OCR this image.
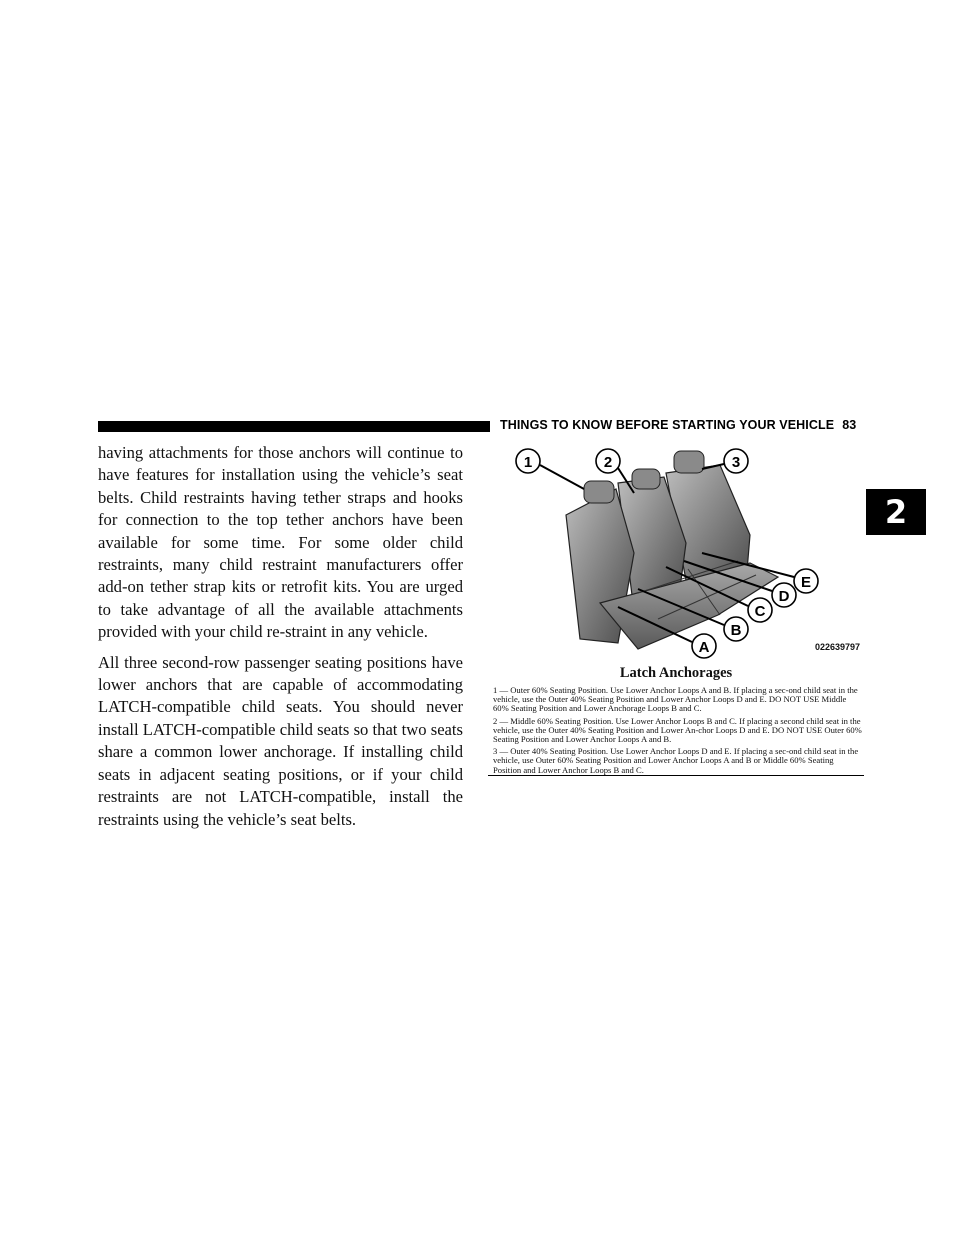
THINGS TO KNOW BEFORE STARTING YOUR VEHICLE 83
2

having attachments for those anchors will continue to have features for installation using the vehicle’s seat belts. Child restraints having tether straps and hooks for connection to the top tether anchors have been available for some time. For some older child restraints, many child restraint manufacturers offer add-on tether strap kits or retrofit kits. You are urged to take advantage of all the available attachments provided with your child re-straint in any vehicle.

All three second-row passenger seating positions have lower anchors that are capable of accommodating LATCH-compatible child seats. You should never install LATCH-compatible child seats so that two seats share a common lower anchorage. If installing child seats in adjacent seating positions, or if your child restraints are not LATCH-compatible, install the restraints using the vehicle’s seat belts.

1	2	3
A
B
C
D
E
022639797
Latch Anchorages

1 — Outer 60% Seating Position. Use Lower Anchor Loops A and B. If placing a sec-ond child seat in the vehicle, use the Outer 40% Seating Position and Lower Anchor Loops D and E. DO NOT USE Middle 60% Seating Position and Lower Anchorage Loops B and C.

2 — Middle 60% Seating Position. Use Lower Anchor Loops B and C. If placing a second child seat in the vehicle, use the Outer 40% Seating Position and Lower An-chor Loops D and E. DO NOT USE Outer 60% Seating Position and Lower Anchor Loops A and B.

3 — Outer 40% Seating Position. Use Lower Anchor Loops D and E. If placing a sec-ond child seat in the vehicle, use Outer 60% Seating Position and Lower Anchor Loops A and B or Middle 60% Seating Position and Lower Anchor Loops B and C.
